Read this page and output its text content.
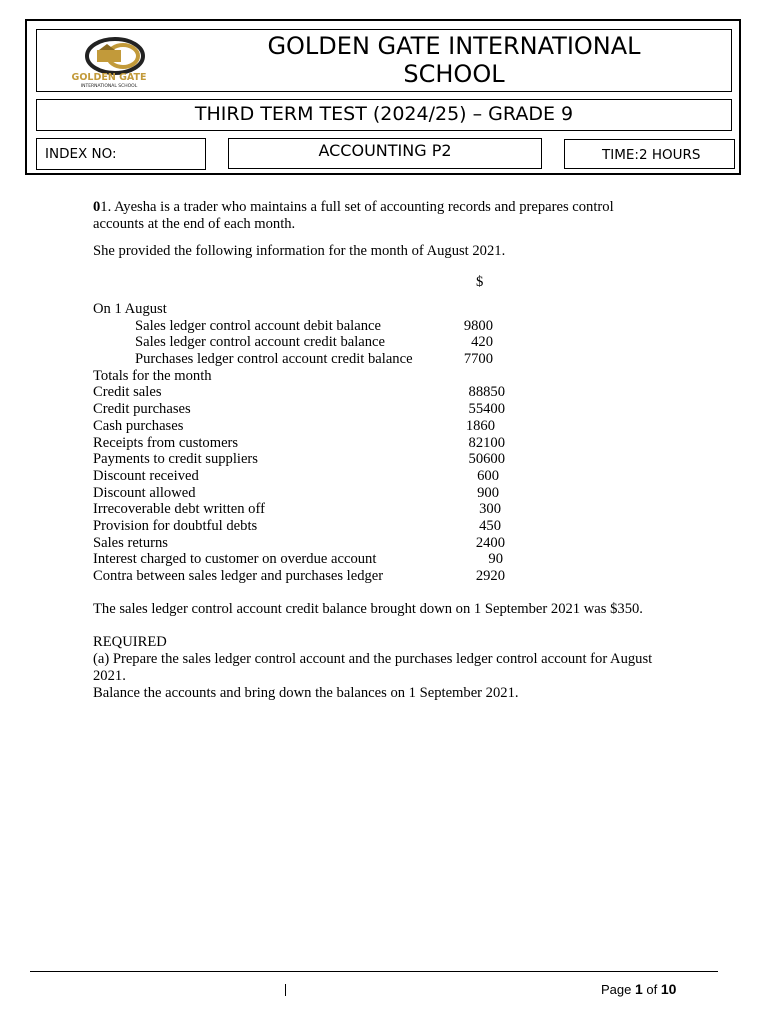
GOLDEN GATE
INTERNATIONAL SCHOOL
GOLDEN GATE INTERNATIONAL
SCHOOL
THIRD TERM TEST (2024/25) – GRADE 9
INDEX NO:	ACCOUNTING P2	TIME:2 HOURS

01. Ayesha is a trader who maintains a full set of accounting records and prepares control accounts at the end of each month.

She provided the following information for the month of August 2021.

$
On 1 August
Sales ledger control account debit balance	9800
Sales ledger control account credit balance	420
Purchases ledger control account credit balance	7700
Totals for the month
Credit sales	88850
Credit purchases	55400
Cash purchases	1860
Receipts from customers	82100
Payments to credit suppliers	50600
Discount received	600
Discount allowed	900
Irrecoverable debt written off	300
Provision for doubtful debts	450
Sales returns	2400
Interest charged to customer on overdue account	90
Contra between sales ledger and purchases ledger	2920

The sales ledger control account credit balance brought down on 1 September 2021 was $350.

REQUIRED

(a) Prepare the sales ledger control account and the purchases ledger control account for August 2021.

Balance the accounts and bring down the balances on 1 September 2021.

Page 1 of 10
